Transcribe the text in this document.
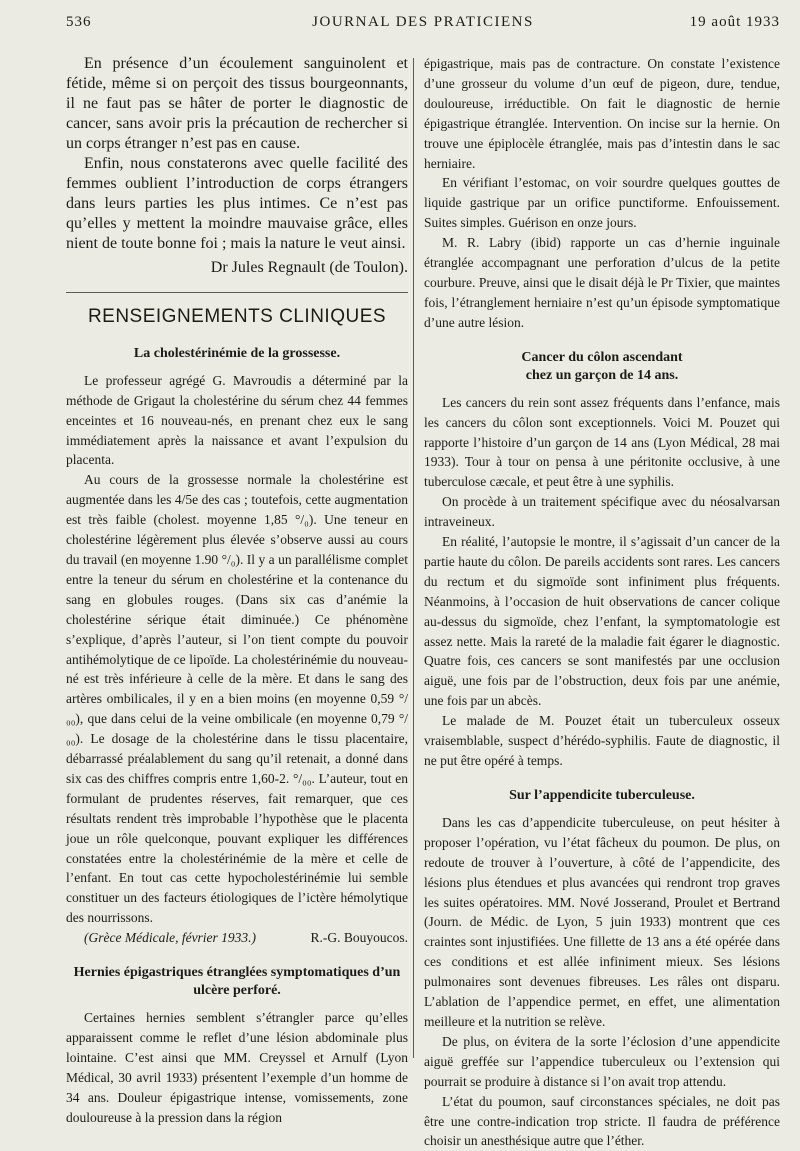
536	JOURNAL DES PRATICIENS	19 août 1933

En présence d’un écoulement sanguinolent et fétide, même si on perçoit des tissus bourgeonnants, il ne faut pas se hâter de porter le diagnostic de cancer, sans avoir pris la précaution de rechercher si un corps étranger n’est pas en cause.

Enfin, nous constaterons avec quelle facilité des femmes oublient l’introduction de corps étrangers dans leurs parties les plus intimes. Ce n’est pas qu’elles y mettent la moindre mauvaise grâce, elles nient de toute bonne foi ; mais la nature le veut ainsi.

Dr Jules Regnault (de Toulon).
RENSEIGNEMENTS CLINIQUES
La cholestérinémie de la grossesse.

Le professeur agrégé G. Mavroudis a déterminé par la méthode de Grigaut la cholestérine du sérum chez 44 femmes enceintes et 16 nouveau-nés, en prenant chez eux le sang immédiatement après la naissance et avant l’expulsion du placenta.

Au cours de la grossesse normale la cholestérine est augmentée dans les 4/5e des cas ; toutefois, cette augmentation est très faible (cholest. moyenne 1,85 °/₀). Une teneur en cholestérine légèrement plus élevée s’observe aussi au cours du travail (en moyenne 1.90 °/₀). Il y a un parallélisme complet entre la teneur du sérum en cholestérine et la contenance du sang en globules rouges. (Dans six cas d’anémie la cholestérine sérique était diminuée.) Ce phénomène s’explique, d’après l’auteur, si l’on tient compte du pouvoir antihémolytique de ce lipoïde. La cholestérinémie du nouveau-né est très inférieure à celle de la mère. Et dans le sang des artères ombilicales, il y en a bien moins (en moyenne 0,59 °/₀₀), que dans celui de la veine ombilicale (en moyenne 0,79 °/₀₀). Le dosage de la cholestérine dans le tissu placentaire, débarrassé préalablement du sang qu’il retenait, a donné dans six cas des chiffres compris entre 1,60-2. °/₀₀. L’auteur, tout en formulant de prudentes réserves, fait remarquer, que ces résultats rendent très improbable l’hypothèse que le placenta joue un rôle quelconque, pouvant expliquer les différences constatées entre la cholestérinémie de la mère et celle de l’enfant. En tout cas cette hypocholestérinémie lui semble constituer un des facteurs étiologiques de l’ictère hémolytique des nourrissons.

(Grèce Médicale, février 1933.)	R.-G. Bouyoucos.
Hernies épigastriques étranglées symptomatiques d’un ulcère perforé.

Certaines hernies semblent s’étrangler parce qu’elles apparaissent comme le reflet d’une lésion abdominale plus lointaine. C’est ainsi que MM. Creyssel et Arnulf (Lyon Médical, 30 avril 1933) présentent l’exemple d’un homme de 34 ans. Douleur épigastrique intense, vomissements, zone douloureuse à la pression dans la région

épigastrique, mais pas de contracture. On constate l’existence d’une grosseur du volume d’un œuf de pigeon, dure, tendue, douloureuse, irréductible. On fait le diagnostic de hernie épigastrique étranglée. Intervention. On incise sur la hernie. On trouve une épiplocèle étranglée, mais pas d’intestin dans le sac herniaire.

En vérifiant l’estomac, on voir sourdre quelques gouttes de liquide gastrique par un orifice punctiforme. Enfouissement. Suites simples. Guérison en onze jours.

M. R. Labry (ibid) rapporte un cas d’hernie inguinale étranglée accompagnant une perforation d’ulcus de la petite courbure. Preuve, ainsi que le disait déjà le Pr Tixier, que maintes fois, l’étranglement herniaire n’est qu’un épisode symptomatique d’une autre lésion.

Cancer du côlon ascendant
chez un garçon de 14 ans.

Les cancers du rein sont assez fréquents dans l’enfance, mais les cancers du côlon sont exceptionnels. Voici M. Pouzet qui rapporte l’histoire d’un garçon de 14 ans (Lyon Médical, 28 mai 1933). Tour à tour on pensa à une péritonite occlusive, à une tuberculose cæcale, et peut être à une syphilis.

On procède à un traitement spécifique avec du néosalvarsan intraveineux.

En réalité, l’autopsie le montre, il s’agissait d’un cancer de la partie haute du côlon. De pareils accidents sont rares. Les cancers du rectum et du sigmoïde sont infiniment plus fréquents. Néanmoins, à l’occasion de huit observations de cancer colique au-dessus du sigmoïde, chez l’enfant, la symptomatologie est assez nette. Mais la rareté de la maladie fait égarer le diagnostic. Quatre fois, ces cancers se sont manifestés par une occlusion aiguë, une fois par de l’obstruction, deux fois par une anémie, une fois par un abcès.

Le malade de M. Pouzet était un tuberculeux osseux vraisemblable, suspect d’hérédo-syphilis. Faute de diagnostic, il ne put être opéré à temps.

Sur l’appendicite tuberculeuse.

Dans les cas d’appendicite tuberculeuse, on peut hésiter à proposer l’opération, vu l’état fâcheux du poumon. De plus, on redoute de trouver à l’ouverture, à côté de l’appendicite, des lésions plus étendues et plus avancées qui rendront trop graves les suites opératoires. MM. Nové Josserand, Proulet et Bertrand (Journ. de Médic. de Lyon, 5 juin 1933) montrent que ces craintes sont injustifiées. Une fillette de 13 ans a été opérée dans ces conditions et est allée infiniment mieux. Ses lésions pulmonaires sont devenues fibreuses. Les râles ont disparu. L’ablation de l’appendice permet, en effet, une alimentation meilleure et la nutrition se relève.

De plus, on évitera de la sorte l’éclosion d’une appendicite aiguë greffée sur l’appendice tuberculeux ou l’extension qui pourrait se produire à distance si l’on avait trop attendu.

L’état du poumon, sauf circonstances spéciales, ne doit pas être une contre-indication trop stricte. Il faudra de préférence choisir un anesthésique autre que l’éther.
